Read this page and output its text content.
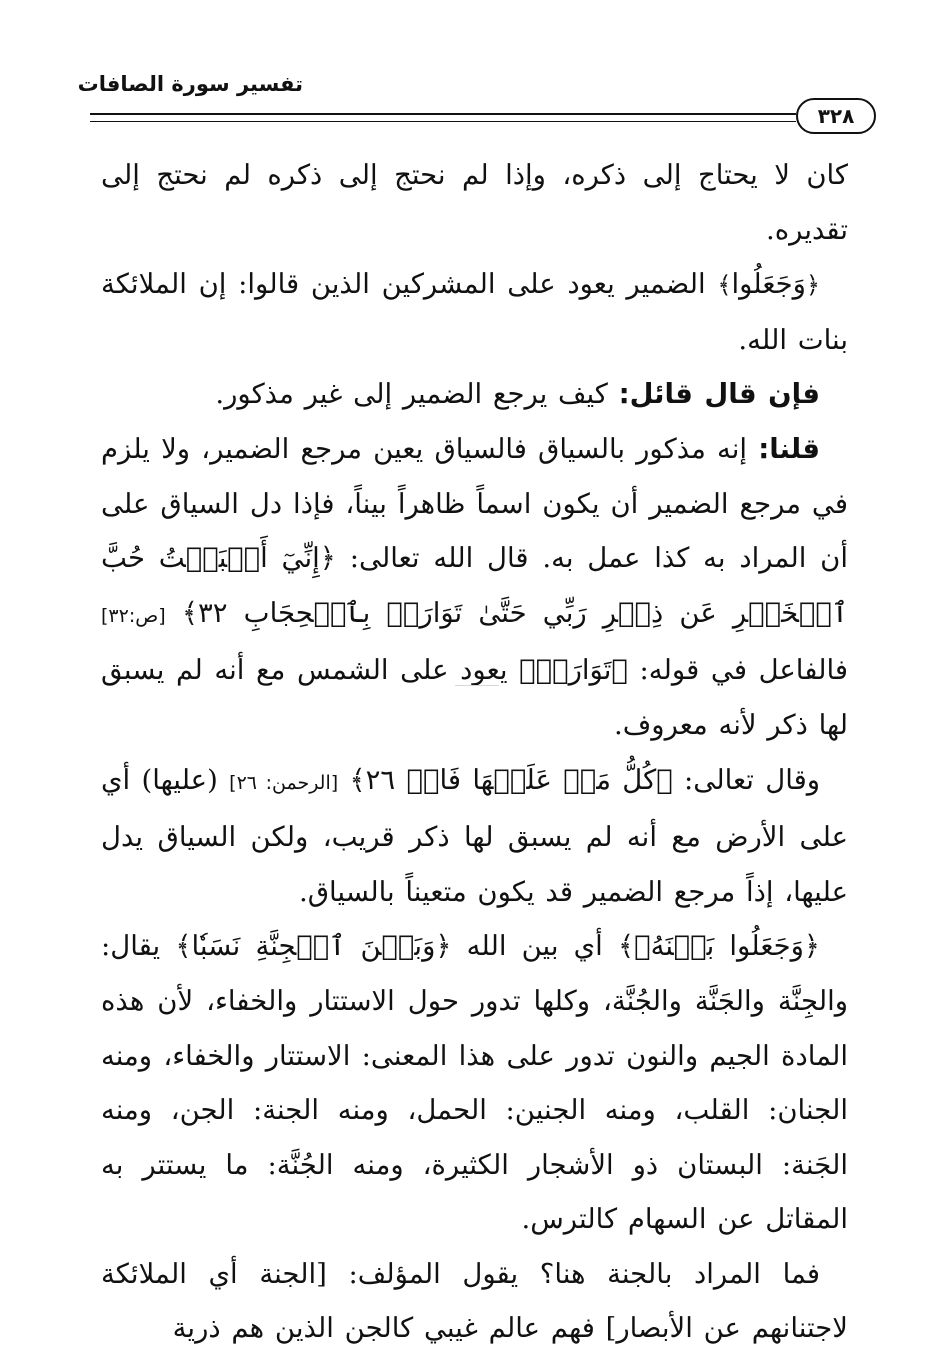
تفسير سورة الصافات
٣٢٨

كان لا يحتاج إلى ذكره، وإذا لم نحتج إلى ذكره لم نحتج إلى تقديره.

﴿وَجَعَلُوا﴾ الضمير يعود على المشركين الذين قالوا: إن الملائكة بنات الله.

فإن قال قائل: كيف يرجع الضمير إلى غير مذكور.

قلنا: إنه مذكور بالسياق فالسياق يعين مرجع الضمير، ولا يلزم في مرجع الضمير أن يكون اسماً ظاهراً بيناً، فإذا دل السياق على أن المراد به كذا عمل به. قال الله تعالى: ﴿إِنِّيٓ أَحۡبَبۡتُ حُبَّ ٱلۡخَيۡرِ عَن ذِكۡرِ رَبِّي حَتَّىٰ تَوَارَتۡ بِٱلۡحِجَابِ ٣٢﴾ [ص:٣٢] فالفاعل في قوله: ﴿تَوَارَتۡ﴾ يعود على الشمس مع أنه لم يسبق لها ذكر لأنه معروف.

وقال تعالى: ﴿كُلُّ مَنۡ عَلَيۡهَا فَانٖ ٢٦﴾ [الرحمن: ٢٦] (عليها) أي على الأرض مع أنه لم يسبق لها ذكر قريب، ولكن السياق يدل عليها، إذاً مرجع الضمير قد يكون متعيناً بالسياق.

﴿وَجَعَلُوا بَيۡنَهُۥ﴾ أي بين الله ﴿وَبَيۡنَ ٱلۡجِنَّةِ نَسَبٗا﴾ يقال: والجِنَّة والجَنَّة والجُنَّة، وكلها تدور حول الاستتار والخفاء، لأن هذه المادة الجيم والنون تدور على هذا المعنى: الاستتار والخفاء، ومنه الجنان: القلب، ومنه الجنين: الحمل، ومنه الجنة: الجن، ومنه الجَنة: البستان ذو الأشجار الكثيرة، ومنه الجُنَّة: ما يستتر به المقاتل عن السهام كالترس.

فما المراد بالجنة هنا؟ يقول المؤلف: [الجنة أي الملائكة لاجتنانهم عن الأبصار] فهم عالم غيبي كالجن الذين هم ذرية
